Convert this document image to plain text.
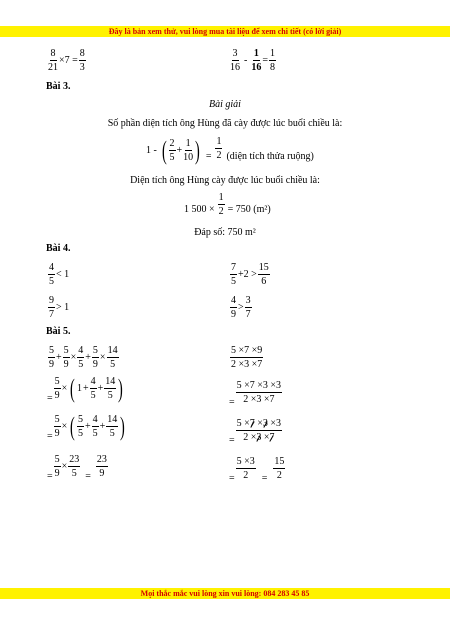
Đây là bản xem thử, vui lòng mua tài liệu để xem chi tiết (có lời giải)
$\frac{8}{21} \times 7 = \frac{8}{3}$	$\frac{3}{16} - \frac{1}{16} = \frac{1}{8}$
Bài 3.
Bài giải
Số phần diện tích ông Hùng đã cày được lúc buổi chiều là:
1 - ( $\frac{2}{5} + \frac{1}{10}$ ) = $\frac{1}{2}$ (diện tích thửa ruộng)
Diện tích ông Hùng cày được lúc buổi chiều là:
1 $500 \times \frac{1}{2} = 750$ (m²)
Đáp số: 750 m²
Bài 4.
$\frac{4}{5} < 1$	$\frac{7}{5} +2 > \frac{15}{6}$
$\frac{9}{7} > 1$	$\frac{4}{9} > \frac{3}{7}$
Bài 5.
$\frac{5}{9} + \frac{5}{9} \times \frac{4}{5} + \frac{5}{9} \times \frac{14}{5}$
= $\frac{5}{9}$ × ( $1 + \frac{4}{5} + \frac{14}{5}$ )
= $\frac{5}{9}$ × ( $\frac{5}{5} + \frac{4}{5} + \frac{14}{5}$ )
= $\frac{5}{9} \times \frac{23}{5} = \frac{23}{9}$
$\frac{5 \times 7 \times 9}{2 \times 3 \times 7}$
= $\frac{5 \times 7 \times 3 \times 3}{2 \times 3 \times 7}$
= $\frac{5 \times 7 \times 3 \times 3}{2 \times 3 \times 7}$
= $\frac{5 \times 3}{2} = \frac{15}{2}$
Mọi thắc mắc vui lòng xin vui lòng: 084 283 45 85
